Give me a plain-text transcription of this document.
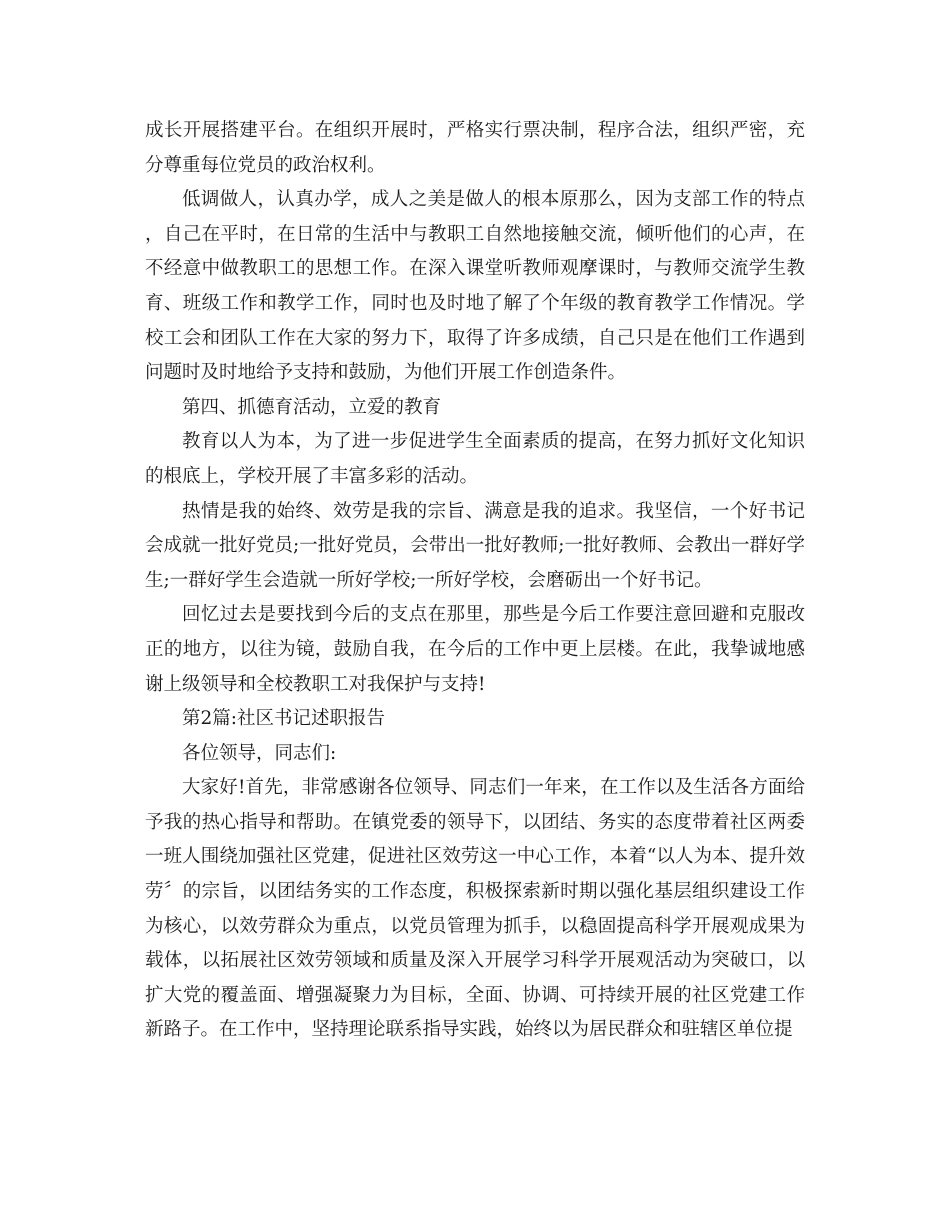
成长开展搭建平台。在组织开展时，严格实行票决制，程序合法，组织严密，充分尊重每位党员的政治权利。

低调做人，认真办学，成人之美是做人的根本原那么，因为支部工作的特点，自己在平时，在日常的生活中与教职工自然地接触交流，倾听他们的心声，在不经意中做教职工的思想工作。在深入课堂听教师观摩课时，与教师交流学生教育、班级工作和教学工作，同时也及时地了解了个年级的教育教学工作情况。学校工会和团队工作在大家的努力下，取得了许多成绩，自己只是在他们工作遇到问题时及时地给予支持和鼓励，为他们开展工作创造条件。

第四、抓德育活动，立爱的教育

教育以人为本，为了进一步促进学生全面素质的提高，在努力抓好文化知识的根底上，学校开展了丰富多彩的活动。

热情是我的始终、效劳是我的宗旨、满意是我的追求。我坚信，一个好书记会成就一批好党员;一批好党员，会带出一批好教师;一批好教师、会教出一群好学生;一群好学生会造就一所好学校;一所好学校，会磨砺出一个好书记。

回忆过去是要找到今后的支点在那里，那些是今后工作要注意回避和克服改正的地方，以往为镜，鼓励自我，在今后的工作中更上层楼。在此，我挚诚地感谢上级领导和全校教职工对我保护与支持!

第2篇:社区书记述职报告

各位领导，同志们:

大家好!首先，非常感谢各位领导、同志们一年来，在工作以及生活各方面给予我的热心指导和帮助。在镇党委的领导下，以团结、务实的态度带着社区两委一班人围绕加强社区党建，促进社区效劳这一中心工作，本着“以人为本、提升效劳〞的宗旨，以团结务实的工作态度，积极探索新时期以强化基层组织建设工作为核心，以效劳群众为重点，以党员管理为抓手，以稳固提高科学开展观成果为载体，以拓展社区效劳领域和质量及深入开展学习科学开展观活动为突破口，以扩大党的覆盖面、增强凝聚力为目标，全面、协调、可持续开展的社区党建工作新路子。在工作中，坚持理论联系指导实践，始终以为居民群众和驻辖区单位提
